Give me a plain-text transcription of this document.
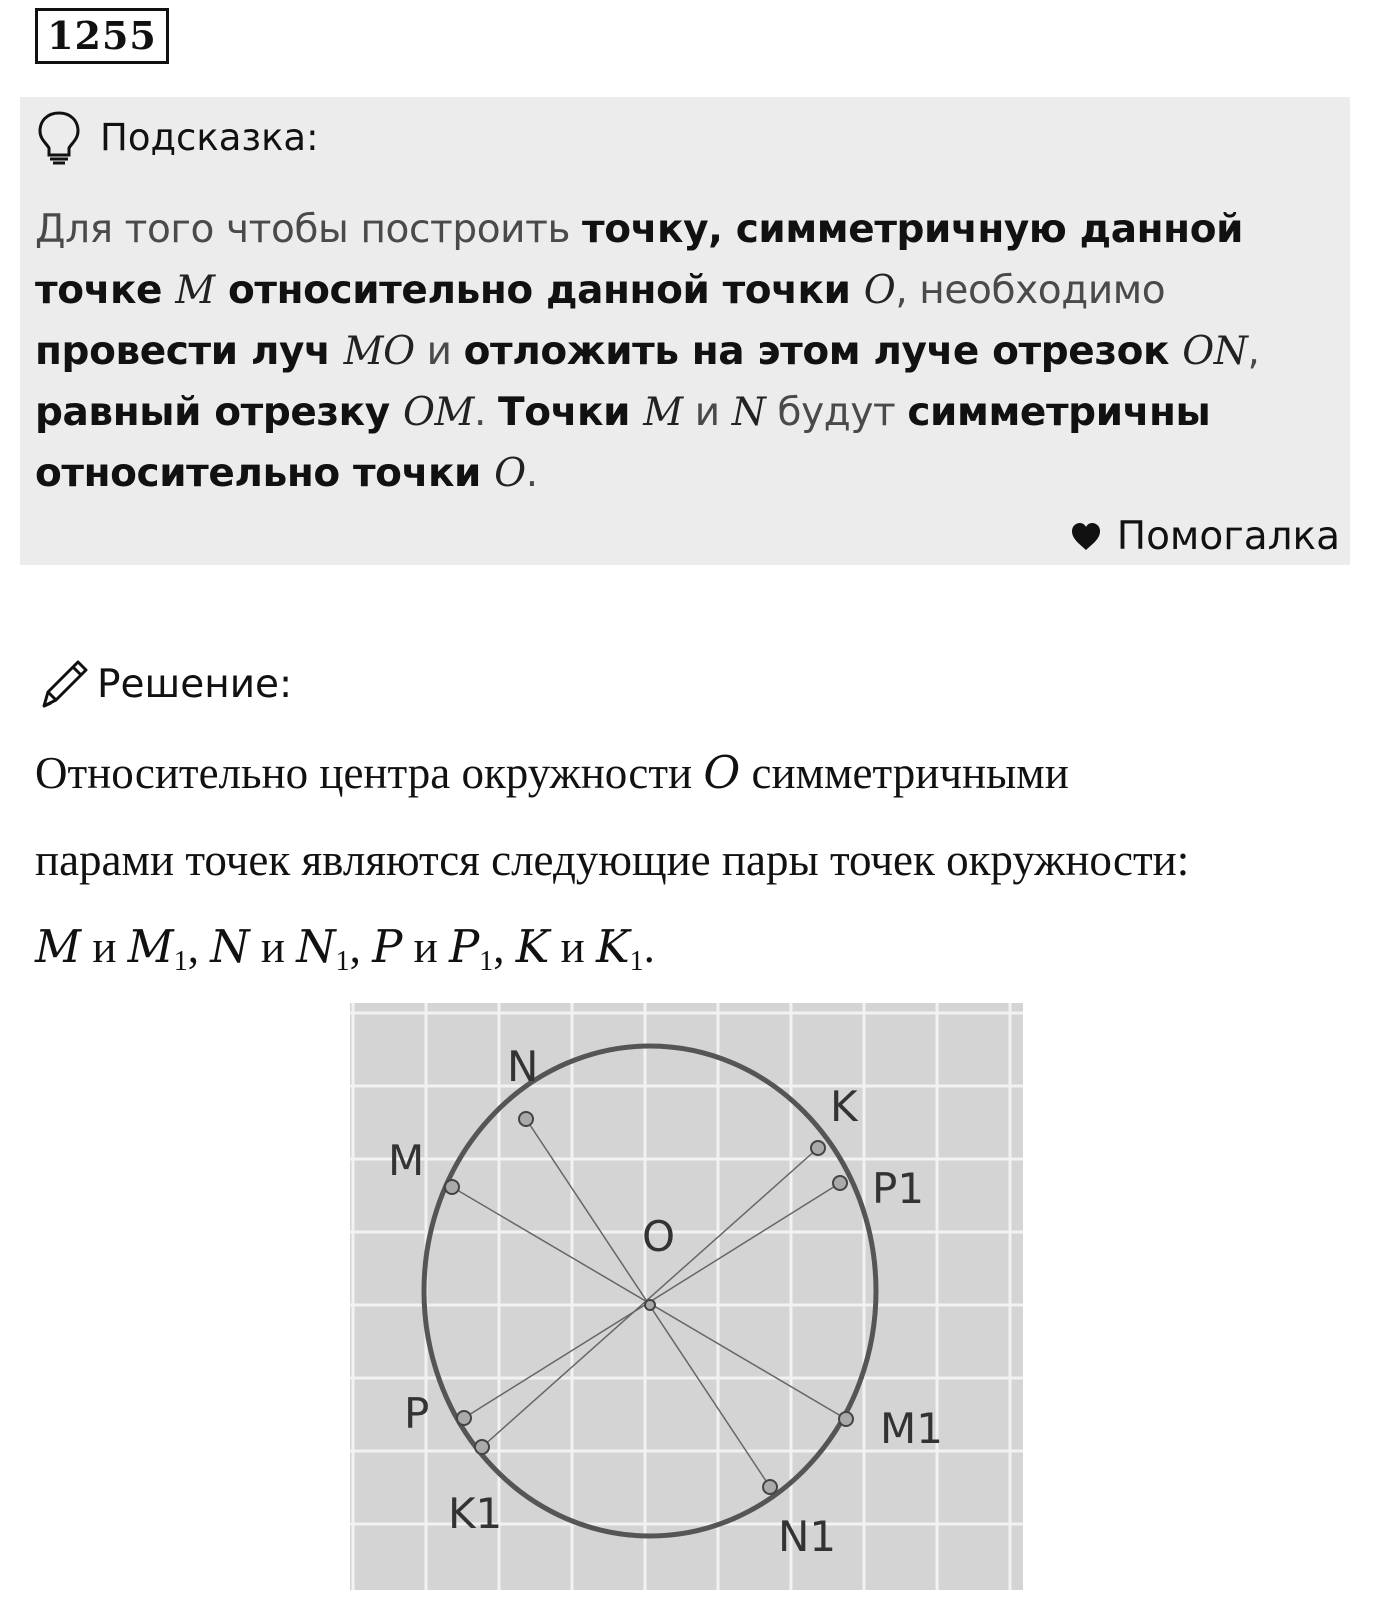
1255
Подсказка:
Для того чтобы построить точку, симметричную данной точке M относительно данной точки O, необходимо провести луч MO и отложить на этом луче отрезок ON, равный отрезку OM. Точки M и N будут симметричны относительно точки O.
Помогалка
Решение:
Относительно центра окружности O симметричными
парами точек являются следующие пары точек окружности:
M и $M_1$, N и $N_1$, P и $P_1$, K и $K_1$.
O
N
M
K
P1
P
K1	N1
M1
